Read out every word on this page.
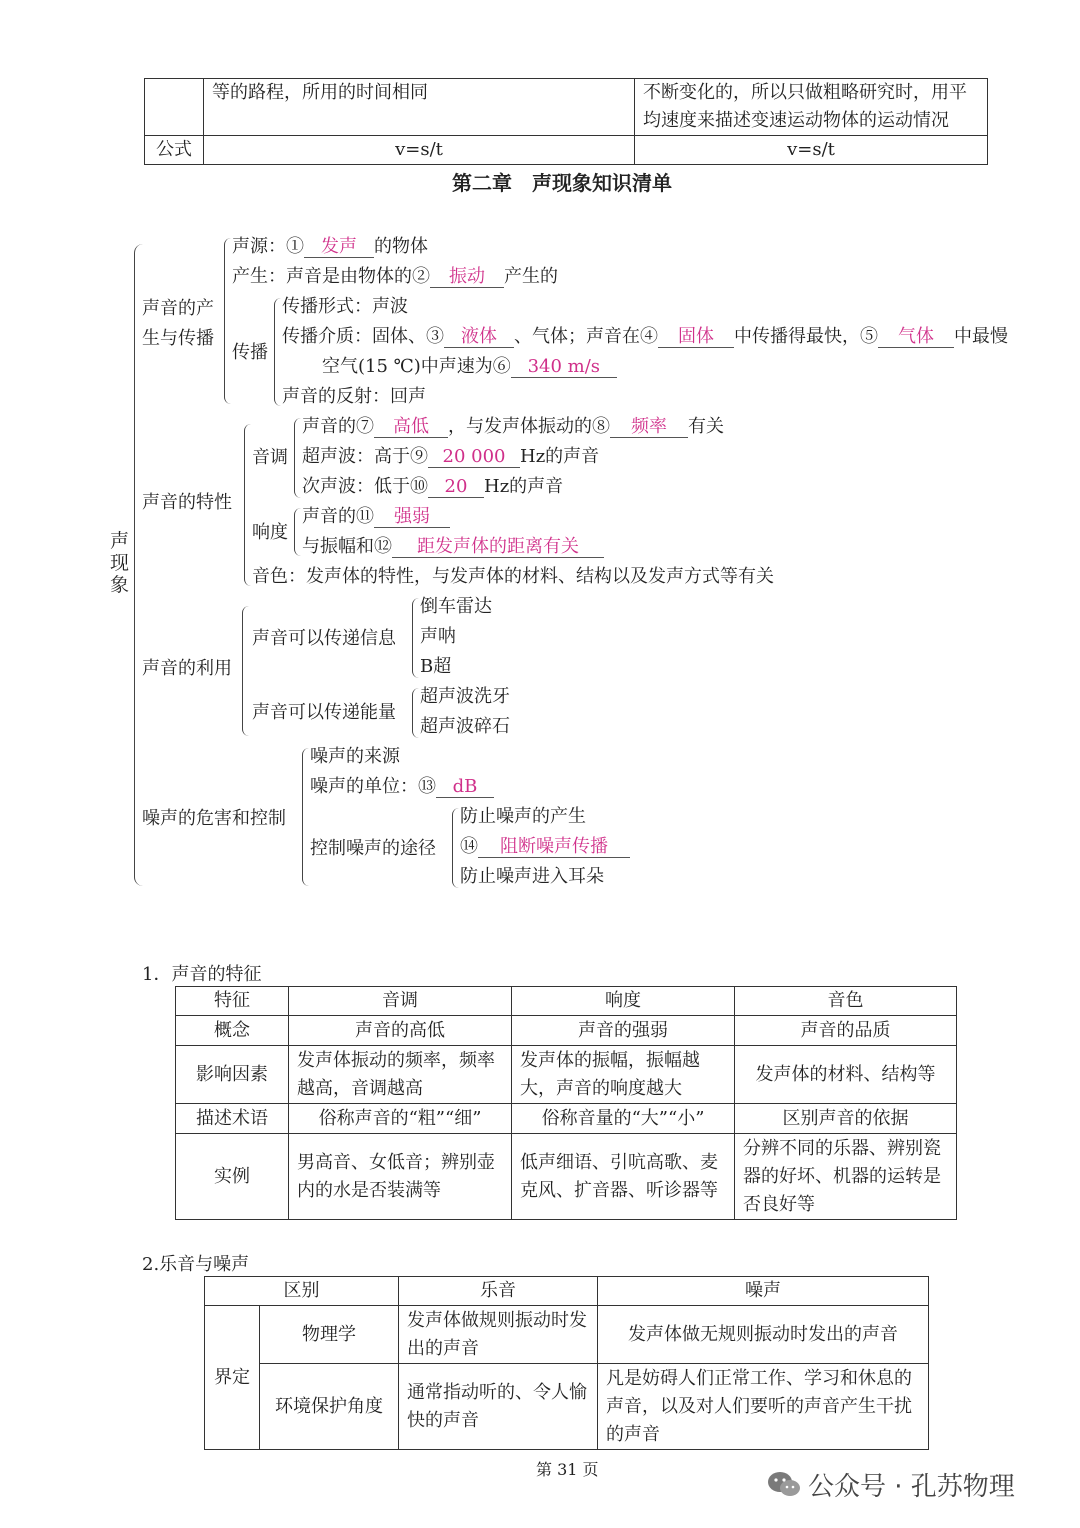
	等的路程，所用的时间相同	不断变化的，所以只做粗略研究时，用平均速度来描述变速运动物体的运动情况
公式	v=s/t	v=s/t
第二章　声现象知识清单
声现象
声音的产生与传播
声源：① 发声 的物体
产生：声音是由物体的② 振动 产生的
传播
传播形式：声波
传播介质：固体、③ 液体 、气体；声音在④ 固体 中传播得最快，⑤ 气体 中最慢
空气(15 ℃)中声速为⑥ 340 m/s
声音的反射：回声
声音的特性
音调
声音的⑦ 高低 ，与发声体振动的⑧ 频率 有关
超声波：高于⑨ 20 000 Hz的声音
次声波：低于⑩ 20 Hz的声音
响度
声音的⑪ 强弱
与振幅和⑫ 距发声体的距离有关
音色：发声体的特性，与发声体的材料、结构以及发声方式等有关
声音的利用
声音可以传递信息
倒车雷达
声呐
B超
声音可以传递能量
超声波洗牙
超声波碎石
噪声的危害和控制
噪声的来源
噪声的单位：⑬ dB
控制噪声的途径
防止噪声的产生
⑭ 阻断噪声传播
防止噪声进入耳朵
1．声音的特征
特征	音调	响度	音色
概念	声音的高低	声音的强弱	声音的品质
影响因素	发声体振动的频率，频率越高，音调越高	发声体的振幅，振幅越大，声音的响度越大	发声体的材料、结构等
描述术语	俗称声音的“粗”“细”	俗称音量的“大”“小”	区别声音的依据
实例	男高音、女低音；辨别壶内的水是否装满等	低声细语、引吭高歌、麦克风、扩音器、听诊器等	分辨不同的乐器、辨别瓷器的好坏、机器的运转是否良好等
2.乐音与噪声
区别		乐音	噪声
界定	物理学	发声体做规则振动时发出的声音	发声体做无规则振动时发出的声音
	环境保护角度	通常指动听的、令人愉快的声音	凡是妨碍人们正常工作、学习和休息的声音，以及对人们要听的声音产生干扰的声音
第 31 页
公众号 · 孔苏物理
